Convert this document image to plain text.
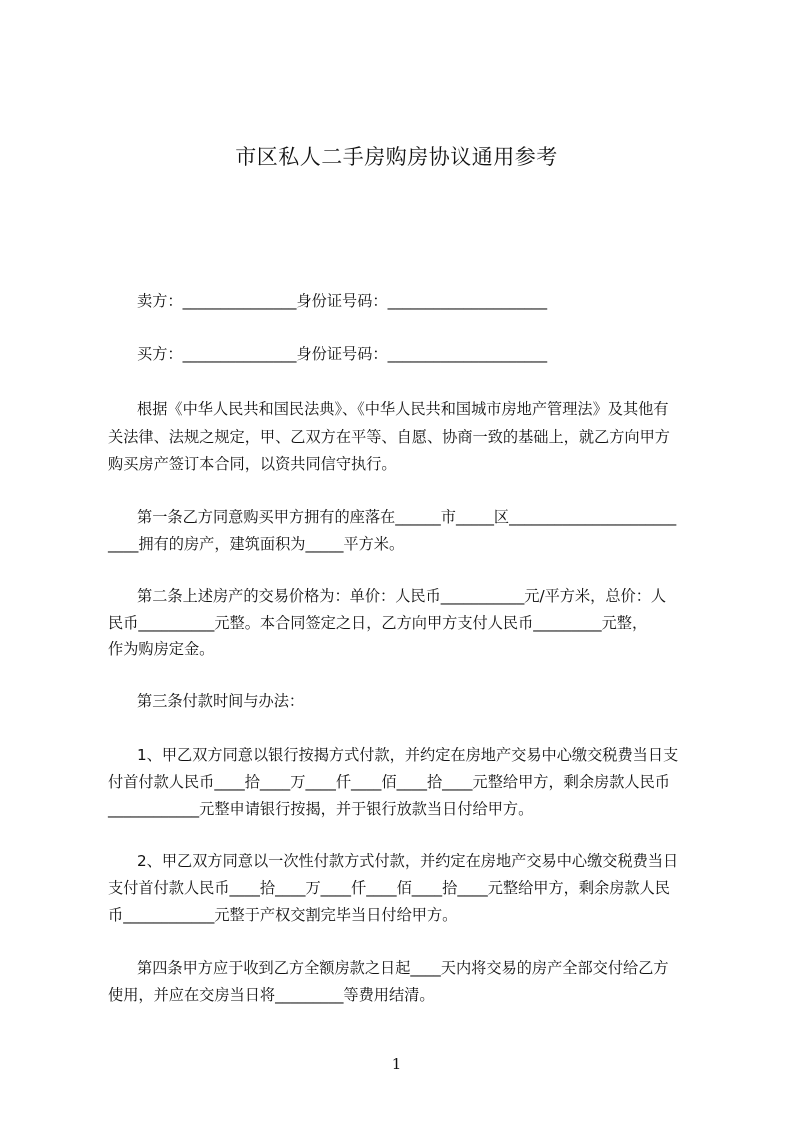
市区私人二手房购房协议通用参考
卖方：_______________身份证号码：_____________________
买方：_______________身份证号码：_____________________
根据《中华人民共和国民法典》、《中华人民共和国城市房地产管理法》及其他有
关法律、法规之规定，甲、乙双方在平等、自愿、协商一致的基础上，就乙方向甲方
购买房产签订本合同，以资共同信守执行。
第一条乙方同意购买甲方拥有的座落在______市_____区______________________
____拥有的房产，建筑面积为_____平方米。
第二条上述房产的交易价格为：单价：人民币___________元/平方米，总价：人
民币__________元整。本合同签定之日，乙方向甲方支付人民币_________元整，
作为购房定金。
第三条付款时间与办法：
1、甲乙双方同意以银行按揭方式付款，并约定在房地产交易中心缴交税费当日支
付首付款人民币____拾____万____仟____佰____拾____元整给甲方，剩余房款人民币
____________元整申请银行按揭，并于银行放款当日付给甲方。
2、甲乙双方同意以一次性付款方式付款，并约定在房地产交易中心缴交税费当日
支付首付款人民币____拾____万____仟____佰____拾____元整给甲方，剩余房款人民
币____________元整于产权交割完毕当日付给甲方。
第四条甲方应于收到乙方全额房款之日起____天内将交易的房产全部交付给乙方
使用，并应在交房当日将_________等费用结清。
1
